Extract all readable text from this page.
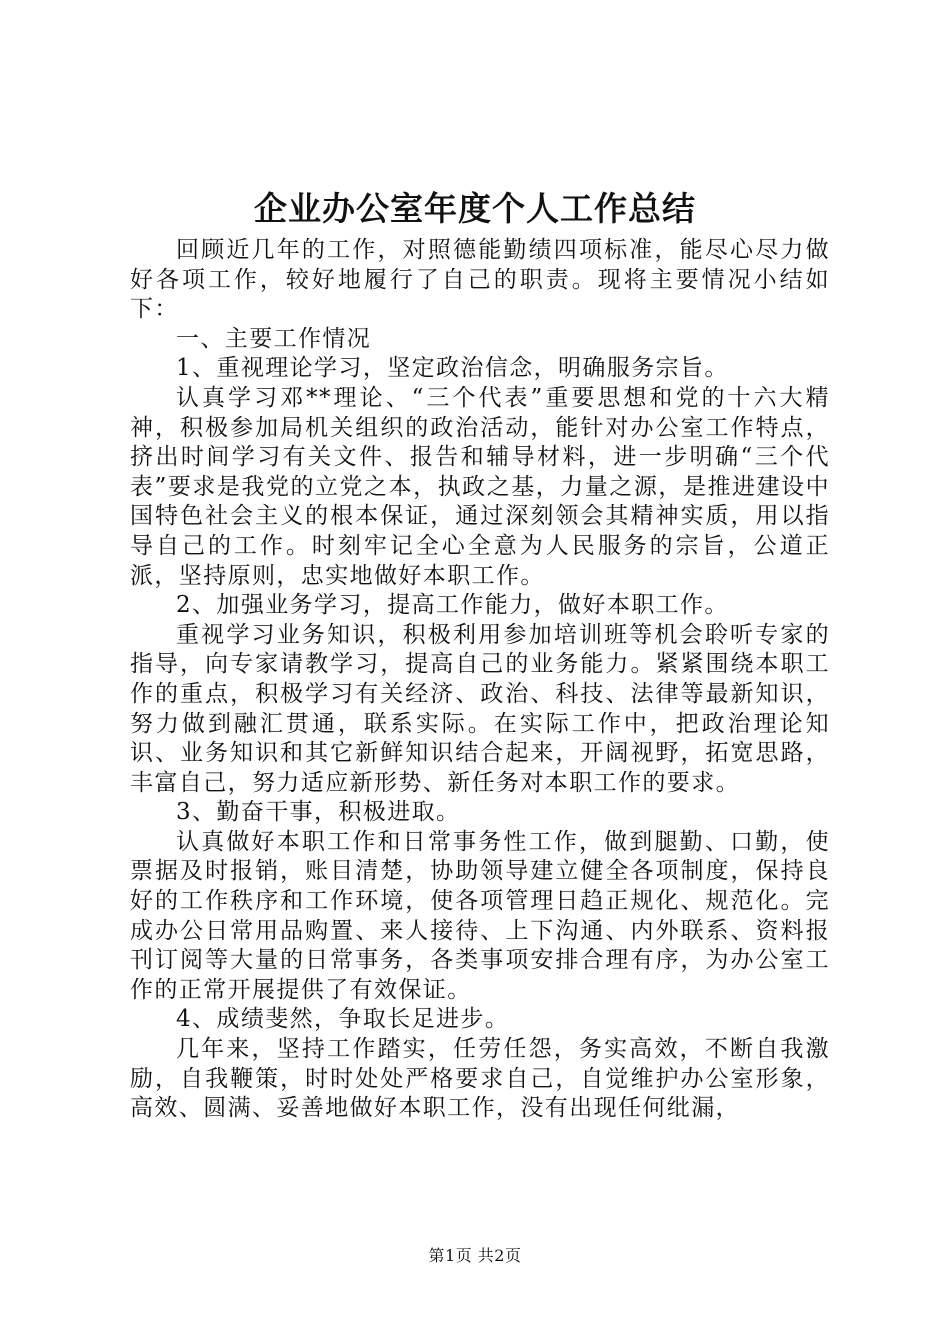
企业办公室年度个人工作总结

回顾近几年的工作，对照德能勤绩四项标准，能尽心尽力做好各项工作，较好地履行了自己的职责。现将主要情况小结如下：

一、主要工作情况

1、重视理论学习，坚定政治信念，明确服务宗旨。

认真学习邓**理论、“三个代表”重要思想和党的十六大精神，积极参加局机关组织的政治活动，能针对办公室工作特点，挤出时间学习有关文件、报告和辅导材料，进一步明确“三个代表”要求是我党的立党之本，执政之基，力量之源，是推进建设中国特色社会主义的根本保证，通过深刻领会其精神实质，用以指导自己的工作。时刻牢记全心全意为人民服务的宗旨，公道正派，坚持原则，忠实地做好本职工作。

2、加强业务学习，提高工作能力，做好本职工作。

重视学习业务知识，积极利用参加培训班等机会聆听专家的指导，向专家请教学习，提高自己的业务能力。紧紧围绕本职工作的重点，积极学习有关经济、政治、科技、法律等最新知识，努力做到融汇贯通，联系实际。在实际工作中，把政治理论知识、业务知识和其它新鲜知识结合起来，开阔视野，拓宽思路，丰富自己，努力适应新形势、新任务对本职工作的要求。

3、勤奋干事，积极进取。

认真做好本职工作和日常事务性工作，做到腿勤、口勤，使票据及时报销，账目清楚，协助领导建立健全各项制度，保持良好的工作秩序和工作环境，使各项管理日趋正规化、规范化。完成办公日常用品购置、来人接待、上下沟通、内外联系、资料报刊订阅等大量的日常事务，各类事项安排合理有序，为办公室工作的正常开展提供了有效保证。

4、成绩斐然，争取长足进步。

几年来，坚持工作踏实，任劳任怨，务实高效，不断自我激励，自我鞭策，时时处处严格要求自己，自觉维护办公室形象，高效、圆满、妥善地做好本职工作，没有出现任何纰漏，

第1页 共2页
